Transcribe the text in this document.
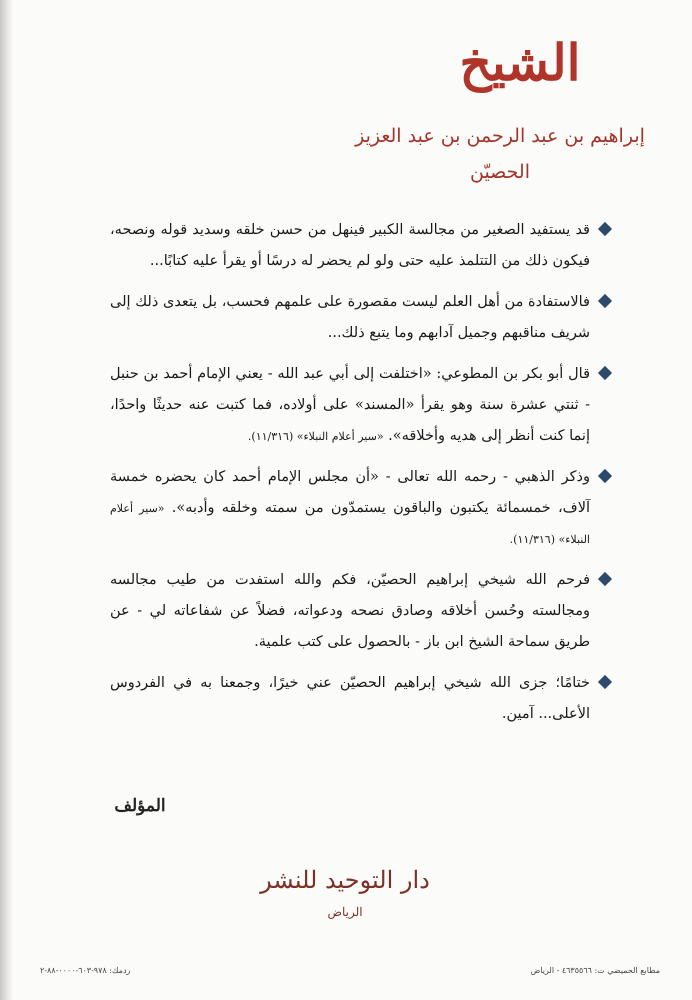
الشيخ
إبراهيم بن عبد الرحمن بن عبد العزيز الحصيّن
قد يستفيد الصغير من مجالسة الكبير فينهل من حسن خلقه وسديد قوله ونصحه، فيكون ذلك من التتلمذ عليه حتى ولو لم يحضر له درسًا أو يقرأ عليه كتابًا...
فالاستفادة من أهل العلم ليست مقصورة على علمهم فحسب، بل يتعدى ذلك إلى شريف مناقبهم وجميل آدابهم وما يتبع ذلك...
قال أبو بكر بن المطوعي: «اختلفت إلى أبي عبد الله - يعني الإمام أحمد بن حنبل - ثنتي عشرة سنة وهو يقرأ «المسند» على أولاده، فما كتبت عنه حديثًا واحدًا، إنما كنت أنظر إلى هديه وأخلاقه». «سير أعلام النبلاء» (١١/٣١٦).
وذكر الذهبي - رحمه الله تعالى - «أن مجلس الإمام أحمد كان يحضره خمسة آلاف، خمسمائة يكتبون والباقون يستمدّون من سمته وخلقه وأدبه». «سير أعلام النبلاء» (١١/٣١٦).
فرحم الله شيخي إبراهيم الحصيّن، فكم والله استفدت من طيب مجالسه ومجالسته وحُسن أخلاقه وصادق نصحه ودعواته، فضلاً عن شفاعاته لي - عن طريق سماحة الشيخ ابن باز - بالحصول على كتب علمية.
ختامًا؛ جزى الله شيخي إبراهيم الحصيّن عني خيرًا، وجمعنا به في الفردوس الأعلى... آمين.
المؤلف
دار التوحيد للنشر
الرياض
ردمك: ٩٧٨-٦٠٣-٠٠٠٠-٨٨-٢	مطابع الحميضي ت: ٤٦٣٥٥٦٦ - الرياض
